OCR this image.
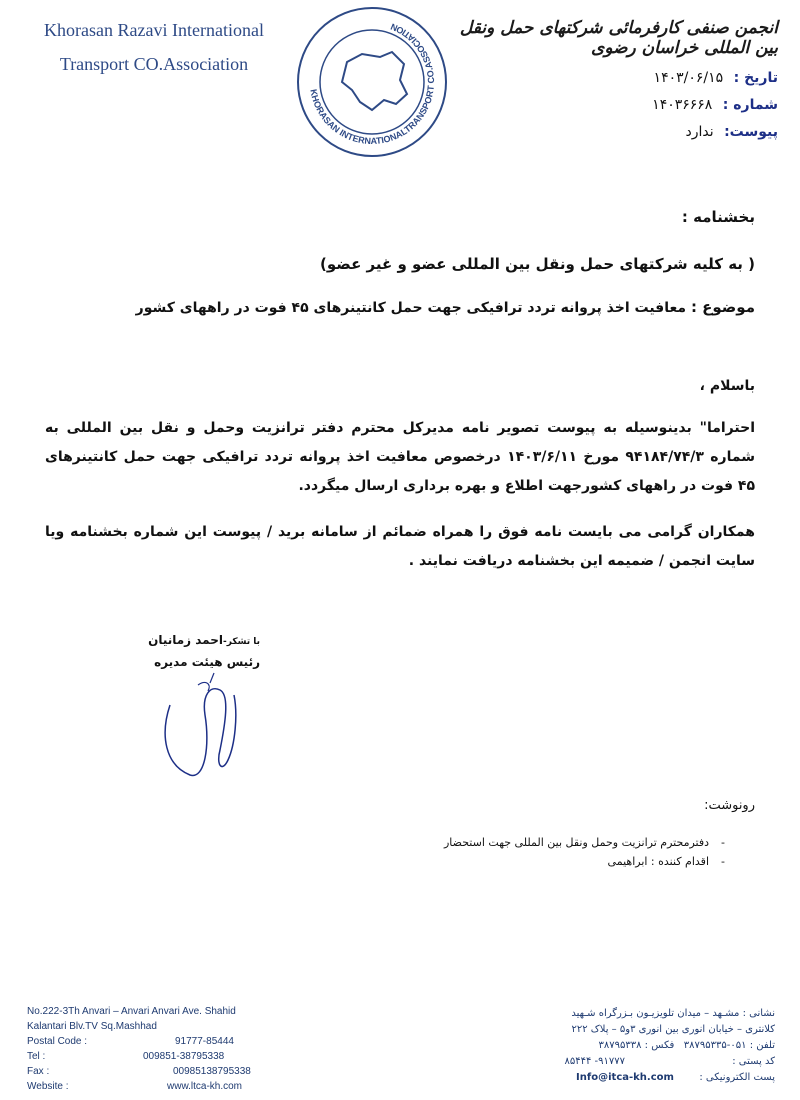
Khorasan Razavi International
Transport CO.Association
KHORASAN INTERNATIONALTRANSPORT CO.ASSOCIATION	انجمن صنفی کارفرمائی شرکتهای حمل ونقل بین المللی خراسان رضوی
تاریخ : ۱۴۰۳/۰۶/۱۵
شماره : ۱۴۰۳۶۶۶۸
پیوست: ندارد
بخشنامه :
( به کلیه شرکتهای حمل ونقل بین المللی عضو و غیر عضو)
موضوع : معافیت اخذ پروانه تردد ترافیکی جهت حمل کانتینرهای ۴۵ فوت در راههای کشور
باسلام ،
احتراما" بدینوسیله به پیوست تصویر نامه مدیرکل محترم دفتر ترانزیت وحمل و نقل بین المللی به شماره ۹۴۱۸۴/۷۴/۳ مورخ ۱۴۰۳/۶/۱۱ درخصوص معافیت اخذ پروانه تردد ترافیکی جهت حمل کانتینرهای ۴۵ فوت در راههای کشورجهت اطلاع و بهره برداری ارسال میگردد.
همکاران گرامی می بایست نامه فوق را همراه ضمائم از سامانه برید / پیوست این شماره بخشنامه ویا سایت انجمن / ضمیمه این بخشنامه دریافت نمایند .
با تشکر-احمد زمانیان
رئیس هیئت مدیره
رونوشت:
-دفترمحترم ترانزیت وحمل ونقل بین المللی جهت استحضار
-اقدام کننده : ابراهیمی
No.222-3Th Anvari – Anvari Anvari Ave. Shahid
Kalantari Blv.TV Sq.Mashhad
Postal Code :	91777-85444
Tel :	009851-38795338
Fax :	00985138795338
Website :	www.ltca-kh.com
نشانی : مشـهد – میدان تلویزیـون بـزرگراه شـهید
کلانتری – خیابان انوری بین انوری ۳و۵ – پلاک ۲۲۲
تلفن : ۰۵۱-۳۸۷۹۵۳۳۵   فکس : ۳۸۷۹۵۳۳۸
کد پستی :
۹۱۷۷۷- ۸۵۴۴۴
پست الکترونیکی :        Info@itca-kh.com
